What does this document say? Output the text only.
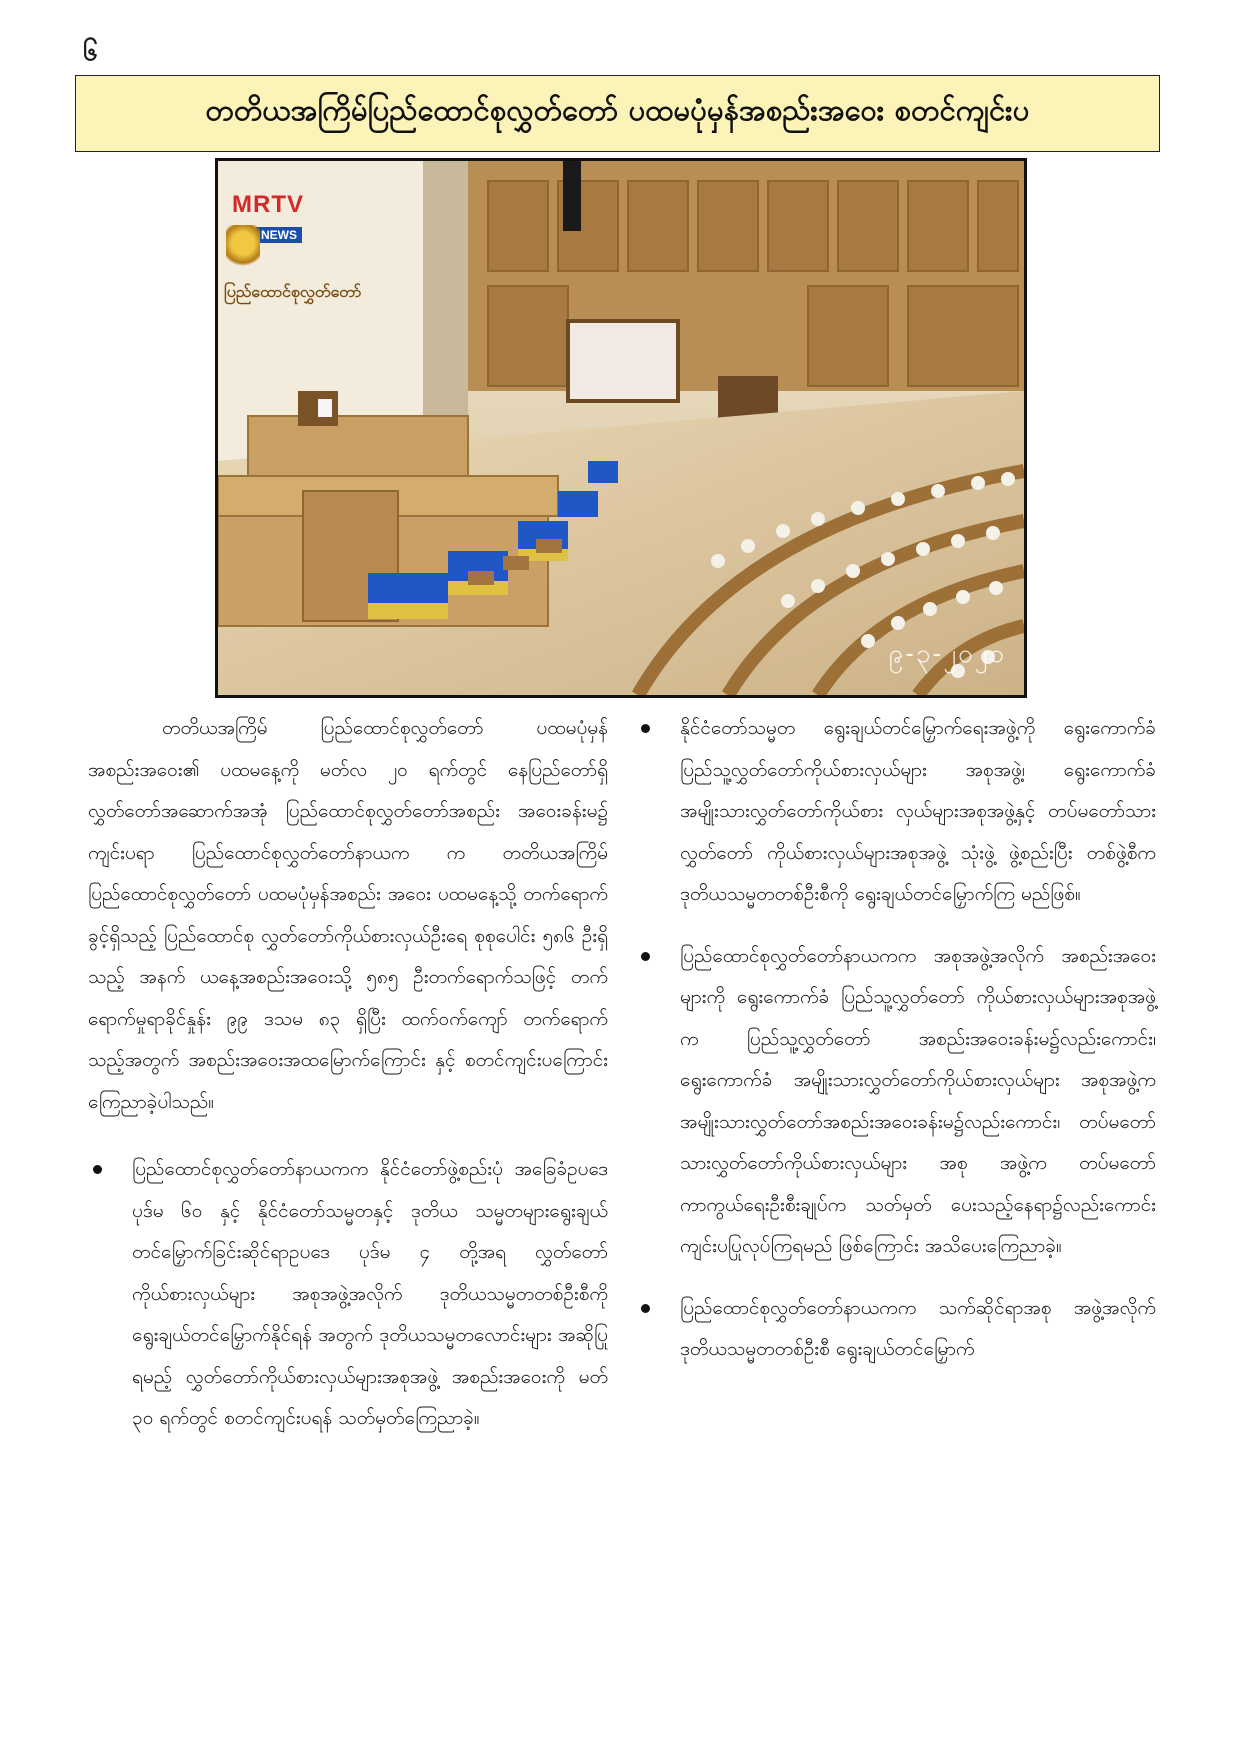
၆
တတိယအကြိမ်ပြည်ထောင်စုလွှတ်တော် ပထမပုံမှန်အစည်းအဝေး စတင်ကျင်းပ
MRTV
NEWS
ပြည်ထောင်စုလွှတ်တော်
၉-၃-၂၀၂၁

တတိယအကြိမ် ပြည်ထောင်စုလွှတ်တော် ပထမပုံမှန် အစည်းအဝေး၏ ပထမနေ့ကို မတ်လ ၂၀ ရက်တွင် နေပြည်တော်ရှိ လွှတ်တော်အဆောက်အအုံ ပြည်ထောင်စုလွှတ်တော်အစည်း အဝေးခန်းမ၌ ကျင်းပရာ ပြည်ထောင်စုလွှတ်တော်နာယက က တတိယအကြိမ် ပြည်ထောင်စုလွှတ်တော် ပထမပုံမှန်အစည်း အဝေး ပထမနေ့သို့ တက်ရောက်ခွင့်ရှိသည့် ပြည်ထောင်စု လွှတ်တော်ကိုယ်စားလှယ်ဦးရေ စုစုပေါင်း ၅၈၆ ဦးရှိသည့် အနက် ယနေ့အစည်းအဝေးသို့ ၅၈၅ ဦးတက်ရောက်သဖြင့် တက်ရောက်မှုရာခိုင်နှုန်း ၉၉ ဒသမ ၈၃ ရှိပြီး ထက်ဝက်ကျော် တက်ရောက်သည့်အတွက် အစည်းအဝေးအထမြောက်ကြောင်း နှင့် စတင်ကျင်းပကြောင်း ကြေညာခဲ့ပါသည်။

ပြည်ထောင်စုလွှတ်တော်နာယကက နိုင်ငံတော်ဖွဲ့စည်းပုံ အခြေခံဥပဒေပုဒ်မ ၆၀ နှင့် နိုင်ငံတော်သမ္မတနှင့် ဒုတိယ သမ္မတများရွေးချယ်တင်မြှောက်ခြင်းဆိုင်ရာဥပဒေ ပုဒ်မ ၄ တို့အရ လွှတ်တော်ကိုယ်စားလှယ်များ အစုအဖွဲ့အလိုက် ဒုတိယသမ္မတတစ်ဦးစီကို ရွေးချယ်တင်မြှောက်နိုင်ရန် အတွက် ဒုတိယသမ္မတလောင်းများ အဆိုပြုရမည့် လွှတ်တော်ကိုယ်စားလှယ်များအစုအဖွဲ့ အစည်းအဝေးကို မတ် ၃၀ ရက်တွင် စတင်ကျင်းပရန် သတ်မှတ်ကြေညာခဲ့။
နိုင်ငံတော်သမ္မတ ရွေးချယ်တင်မြှောက်ရေးအဖွဲ့ကို ရွေးကောက်ခံ ပြည်သူ့လွှတ်တော်ကိုယ်စားလှယ်များ အစုအဖွဲ့၊ ရွေးကောက်ခံအမျိုးသားလွှတ်တော်ကိုယ်စား လှယ်များအစုအဖွဲ့နှင့် တပ်မတော်သားလွှတ်တော် ကိုယ်စားလှယ်များအစုအဖွဲ့ သုံးဖွဲ့ ဖွဲ့စည်းပြီး တစ်ဖွဲ့စီက ဒုတိယသမ္မတတစ်ဦးစီကို ရွေးချယ်တင်မြှောက်ကြ မည်ဖြစ်။
ပြည်ထောင်စုလွှတ်တော်နာယကက အစုအဖွဲ့အလိုက် အစည်းအဝေးများကို ရွေးကောက်ခံ ပြည်သူ့လွှတ်တော် ကိုယ်စားလှယ်များအစုအဖွဲ့က ပြည်သူ့လွှတ်တော် အစည်းအဝေးခန်းမ၌လည်းကောင်း၊ ရွေးကောက်ခံ အမျိုးသားလွှတ်တော်ကိုယ်စားလှယ်များ အစုအဖွဲ့က အမျိုးသားလွှတ်တော်အစည်းအဝေးခန်းမ၌လည်းကောင်း၊ တပ်မတော်သားလွှတ်တော်ကိုယ်စားလှယ်များ အစု အဖွဲ့က တပ်မတော်ကာကွယ်ရေးဦးစီးချုပ်က သတ်မှတ် ပေးသည့်နေရာ၌လည်းကောင်း ကျင်းပပြုလုပ်ကြရမည် ဖြစ်ကြောင်း အသိပေးကြေညာခဲ့။
ပြည်ထောင်စုလွှတ်တော်နာယကက သက်ဆိုင်ရာအစု အဖွဲ့အလိုက် ဒုတိယသမ္မတတစ်ဦးစီ ရွေးချယ်တင်မြှောက်
